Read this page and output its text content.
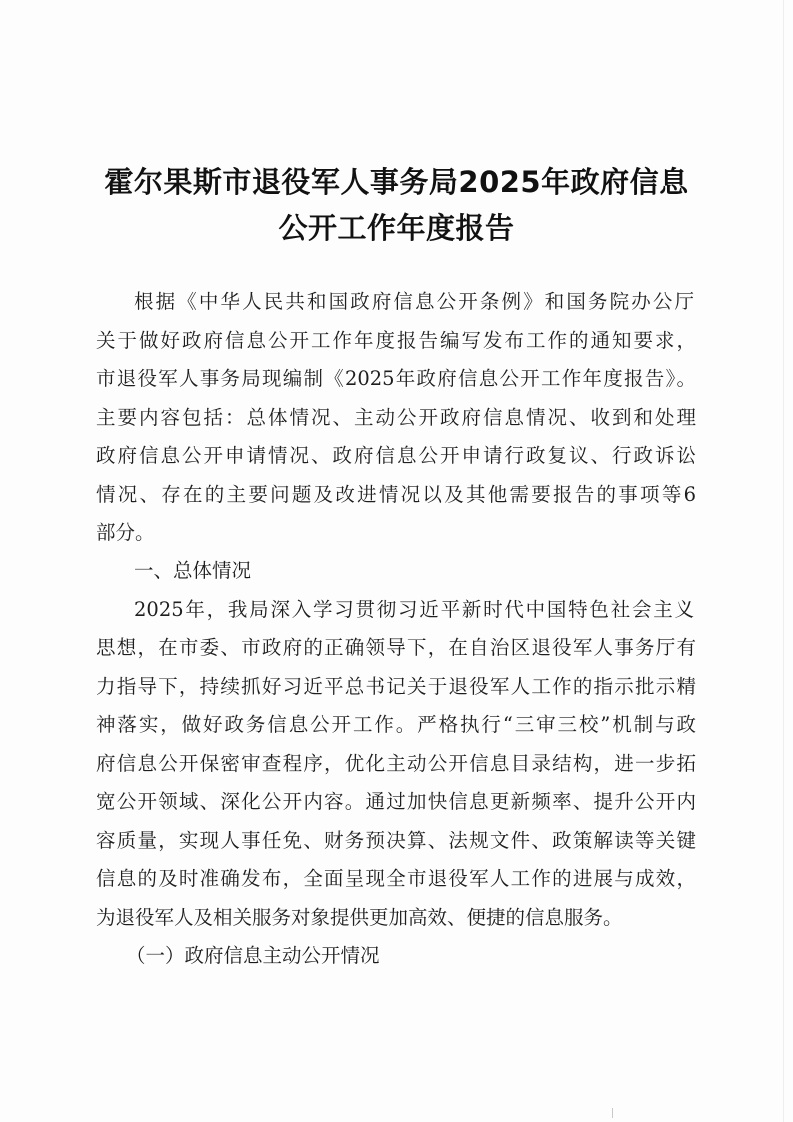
霍尔果斯市退役军人事务局2025年政府信息
公开工作年度报告

根据《中华人民共和国政府信息公开条例》和国务院办公厅

关于做好政府信息公开工作年度报告编写发布工作的通知要求，

市退役军人事务局现编制《2025年政府信息公开工作年度报告》。

主要内容包括：总体情况、主动公开政府信息情况、收到和处理

政府信息公开申请情况、政府信息公开申请行政复议、行政诉讼

情况、存在的主要问题及改进情况以及其他需要报告的事项等6

部分。

一、总体情况

2025年，我局深入学习贯彻习近平新时代中国特色社会主义

思想，在市委、市政府的正确领导下，在自治区退役军人事务厅有

力指导下，持续抓好习近平总书记关于退役军人工作的指示批示精

神落实，做好政务信息公开工作。严格执行“三审三校”机制与政

府信息公开保密审查程序，优化主动公开信息目录结构，进一步拓

宽公开领域、深化公开内容。通过加快信息更新频率、提升公开内

容质量，实现人事任免、财务预决算、法规文件、政策解读等关键

信息的及时准确发布，全面呈现全市退役军人工作的进展与成效，

为退役军人及相关服务对象提供更加高效、便捷的信息服务。

（一）政府信息主动公开情况
